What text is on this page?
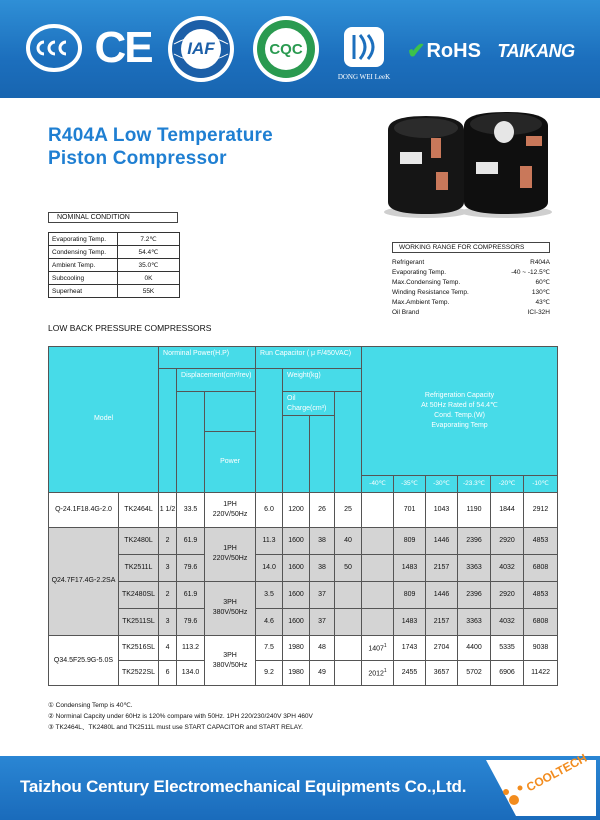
CE IAF	CQC
DONG WEI LeeK
✔ RoHS TAIKANG
R404A Low Temperature
Piston Compressor
NOMINAL CONDITION
Evaporating Temp.	7.2℃
Condensing Temp.	54.4℃
Ambient Temp.	35.0℃
Subcooling	0K
Superheat	55K
WORKING RANGE FOR COMPRESSORS
Refrigerant	R404A
Evaporating Temp.	-40 ~ -12.5℃
Max.Condensing Temp.	60℃
Winding Resistance Temp.	130℃
Max.Ambient Temp.	43℃
Oil Brand	ICI-32H
LOW BACK PRESSURE COMPRESSORS
Model		Norminal Power(H.P)			Run Capacitor ( μ F/450VAC)				Refrigeration Capacity
At 50Hz Rated of 54.4℃
Cond. Temp.(W)
Evaporating Temp					

			Displacement(cm³/rev)			Weight(kg)								
						Oil Charge(cm³)								

				Power										

									-40℃	-35℃	-30℃	-23.3℃	-20℃	-10℃
Q-24.1F18.4G-2.0	TK2464L	1 1/2	33.5	1PH
220V/50Hz	6.0	1200	26	25		701	1043	1190	1844	2912
Q24.7F17.4G-2.2SA	TK2480L	2	61.9	1PH
220V/50Hz	11.3	1600	38	40		809	1446	2396	2920	4853
	TK2511L	3	79.6		14.0	1600	38	50		1483	2157	3363	4032	6808
	TK2480SL	2	61.9	3PH
380V/50Hz	3.5	1600	37			809	1446	2396	2920	4853
	TK2511SL	3	79.6		4.6	1600	37			1483	2157	3363	4032	6808
Q34.5F25.9G-5.0S	TK2516SL	4	113.2	3PH
380V/50Hz	7.5	1980	48		1407$^1$	1743	2704	4400	5335	9038
	TK2522SL	6	134.0		9.2	1980	49		2012$^1$	2455	3657	5702	6906	11422
① Condensing Temp is 40℃.
② Norminal Capcity under 60Hz is 120% compare with 50Hz. 1PH 220/230/240V 3PH 460V
③ TK2464L、TK2480L and TK2511L must use START CAPACITOR and START RELAY.
Taizhou Century Electromechanical Equipments Co.,Ltd.	COOLTECH
